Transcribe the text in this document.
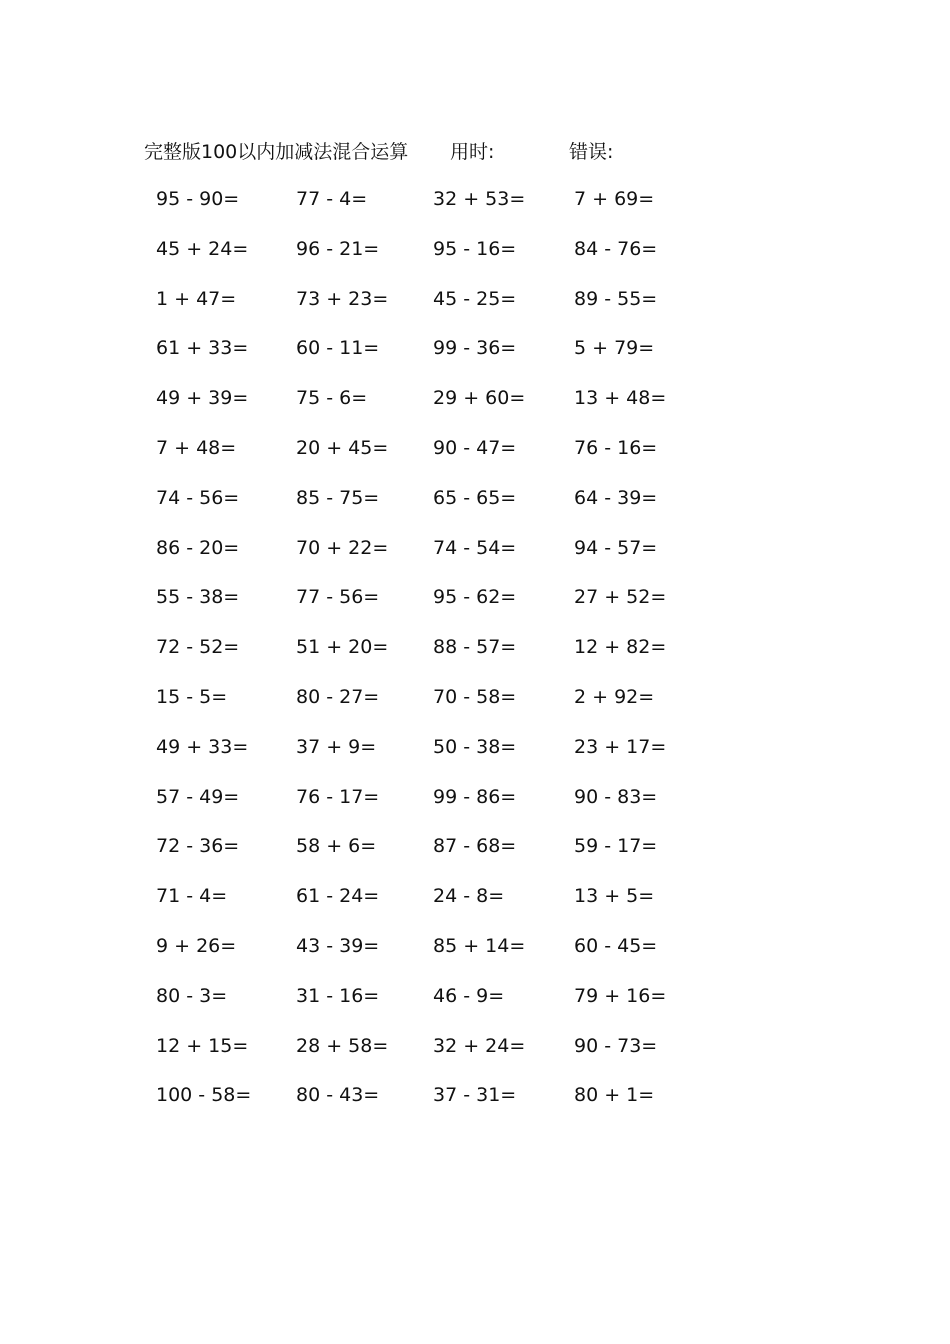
完整版100以内加减法混合运算 用时:	错误:
95 - 90=	77 - 4=	32 + 53=	7 + 69=
45 + 24=	96 - 21=	95 - 16=	84 - 76=
1 + 47=	73 + 23= 45 - 25=	89 - 55=
61 + 33=	60 - 11=	99 - 36=	5 + 79=
49 + 39=	75 - 6=	29 + 60=	13 + 48=
7 + 48=	20 + 45= 90 - 47=	76 - 16=
74 - 56=	85 - 75=	65 - 65=	64 - 39=
86 - 20=	70 + 22= 74 - 54=	94 - 57=
55 - 38=	77 - 56=	95 - 62=	27 + 52=
72 - 52=	51 + 20= 88 - 57=	12 + 82=
15 - 5=	80 - 27=	70 - 58=	2 + 92=
49 + 33=	37 + 9=	50 - 38=	23 + 17=
57 - 49=	76 - 17=	99 - 86=	90 - 83=
72 - 36=	58 + 6=	87 - 68=	59 - 17=
71 - 4=	61 - 24=	24 - 8=	13 + 5=
9 + 26=	43 - 39=	85 + 14=	60 - 45=
80 - 3=	31 - 16=	46 - 9=	79 + 16=
12 + 15=	28 + 58= 32 + 24=	90 - 73=
100 - 58= 80 - 43=	37 - 31=	80 + 1=
